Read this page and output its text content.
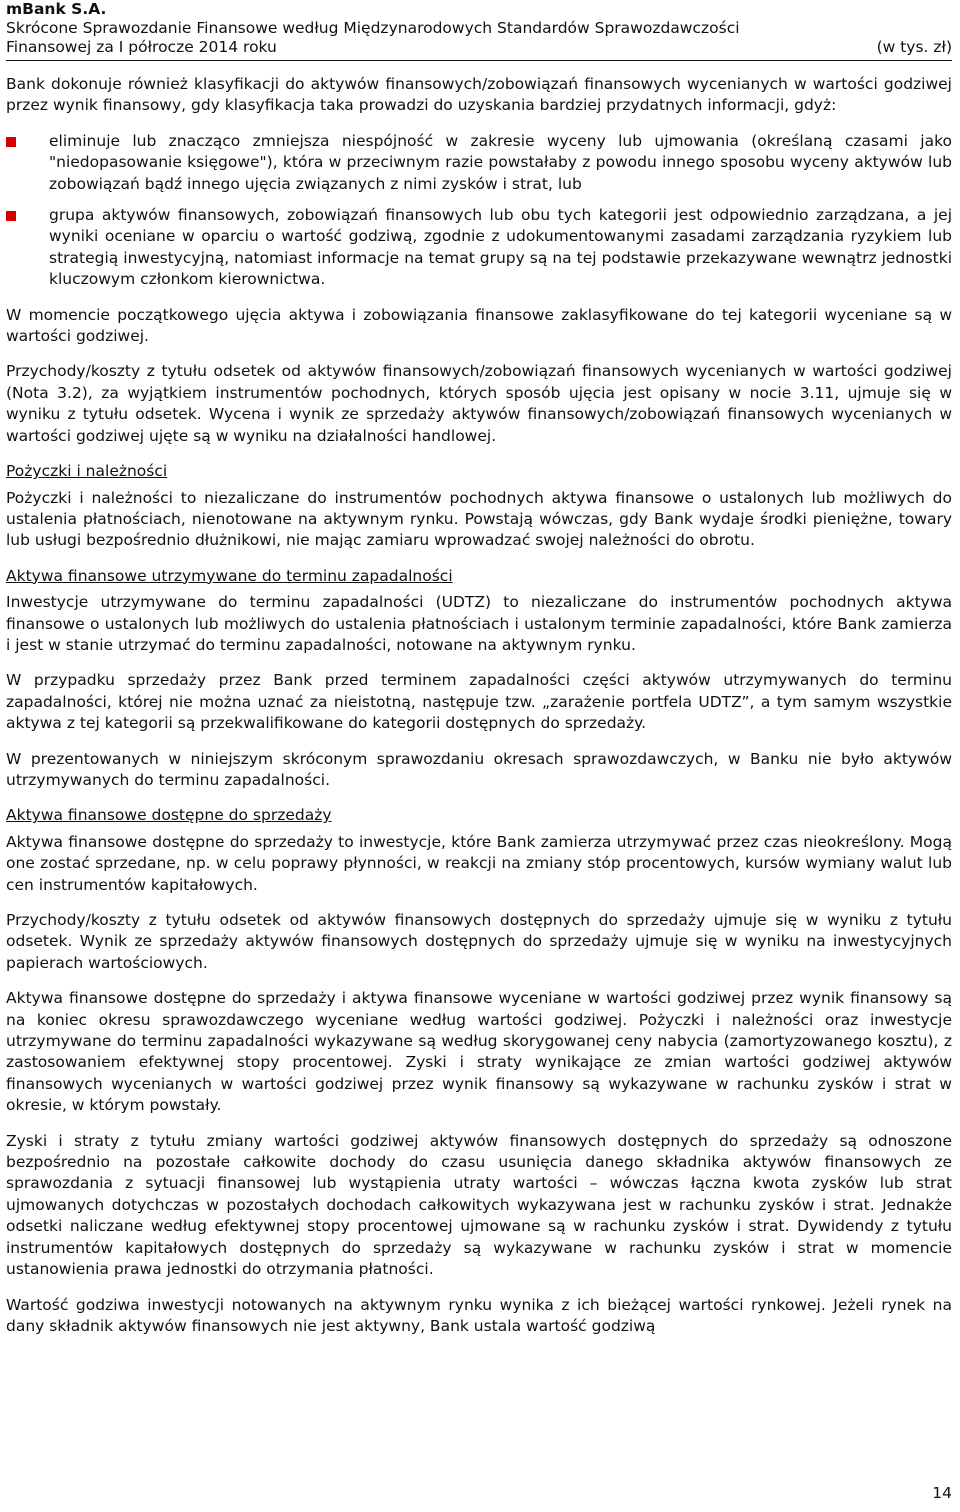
mBank S.A.
Skrócone Sprawozdanie Finansowe według Międzynarodowych Standardów Sprawozdawczości
Finansowej za I półrocze 2014 roku	(w tys. zł)

Bank dokonuje również klasyfikacji do aktywów finansowych/zobowiązań finansowych wycenianych w wartości godziwej przez wynik finansowy, gdy klasyfikacja taka prowadzi do uzyskania bardziej przydatnych informacji, gdyż:

eliminuje lub znacząco zmniejsza niespójność w zakresie wyceny lub ujmowania (określaną czasami jako "niedopasowanie księgowe"), która w przeciwnym razie powstałaby z powodu innego sposobu wyceny aktywów lub zobowiązań bądź innego ujęcia związanych z nimi zysków i strat, lub
grupa aktywów finansowych, zobowiązań finansowych lub obu tych kategorii jest odpowiednio zarządzana, a jej wyniki oceniane w oparciu o wartość godziwą, zgodnie z udokumentowanymi zasadami zarządzania ryzykiem lub strategią inwestycyjną, natomiast informacje na temat grupy są na tej podstawie przekazywane wewnątrz jednostki kluczowym członkom kierownictwa.

W momencie początkowego ujęcia aktywa i zobowiązania finansowe zaklasyfikowane do tej kategorii wyceniane są w wartości godziwej.

Przychody/koszty z tytułu odsetek od aktywów finansowych/zobowiązań finansowych wycenianych w wartości godziwej (Nota 3.2), za wyjątkiem instrumentów pochodnych, których sposób ujęcia jest opisany w nocie 3.11, ujmuje się w wyniku z tytułu odsetek. Wycena i wynik ze sprzedaży aktywów finansowych/zobowiązań finansowych wycenianych w wartości godziwej ujęte są w wyniku na działalności handlowej.

Pożyczki i należności

Pożyczki i należności to niezaliczane do instrumentów pochodnych aktywa finansowe o ustalonych lub możliwych do ustalenia płatnościach, nienotowane na aktywnym rynku. Powstają wówczas, gdy Bank wydaje środki pieniężne, towary lub usługi bezpośrednio dłużnikowi, nie mając zamiaru wprowadzać swojej należności do obrotu.

Aktywa finansowe utrzymywane do terminu zapadalności

Inwestycje utrzymywane do terminu zapadalności (UDTZ) to niezaliczane do instrumentów pochodnych aktywa finansowe o ustalonych lub możliwych do ustalenia płatnościach i ustalonym terminie zapadalności, które Bank zamierza i jest w stanie utrzymać do terminu zapadalności, notowane na aktywnym rynku.

W przypadku sprzedaży przez Bank przed terminem zapadalności części aktywów utrzymywanych do terminu zapadalności, której nie można uznać za nieistotną, następuje tzw. „zarażenie portfela UDTZ”, a tym samym wszystkie aktywa z tej kategorii są przekwalifikowane do kategorii dostępnych do sprzedaży.

W prezentowanych w niniejszym skróconym sprawozdaniu okresach sprawozdawczych, w Banku nie było aktywów utrzymywanych do terminu zapadalności.

Aktywa finansowe dostępne do sprzedaży

Aktywa finansowe dostępne do sprzedaży to inwestycje, które Bank zamierza utrzymywać przez czas nieokreślony. Mogą one zostać sprzedane, np. w celu poprawy płynności, w reakcji na zmiany stóp procentowych, kursów wymiany walut lub cen instrumentów kapitałowych.

Przychody/koszty z tytułu odsetek od aktywów finansowych dostępnych do sprzedaży ujmuje się w wyniku z tytułu odsetek. Wynik ze sprzedaży aktywów finansowych dostępnych do sprzedaży ujmuje się w wyniku na inwestycyjnych papierach wartościowych.

Aktywa finansowe dostępne do sprzedaży i aktywa finansowe wyceniane w wartości godziwej przez wynik finansowy są na koniec okresu sprawozdawczego wyceniane według wartości godziwej. Pożyczki i należności oraz inwestycje utrzymywane do terminu zapadalności wykazywane są według skorygowanej ceny nabycia (zamortyzowanego kosztu), z zastosowaniem efektywnej stopy procentowej. Zyski i straty wynikające ze zmian wartości godziwej aktywów finansowych wycenianych w wartości godziwej przez wynik finansowy są wykazywane w rachunku zysków i strat w okresie, w którym powstały.

Zyski i straty z tytułu zmiany wartości godziwej aktywów finansowych dostępnych do sprzedaży są odnoszone bezpośrednio na pozostałe całkowite dochody do czasu usunięcia danego składnika aktywów finansowych ze sprawozdania z sytuacji finansowej lub wystąpienia utraty wartości – wówczas łączna kwota zysków lub strat ujmowanych dotychczas w pozostałych dochodach całkowitych wykazywana jest w rachunku zysków i strat. Jednakże odsetki naliczane według efektywnej stopy procentowej ujmowane są w rachunku zysków i strat. Dywidendy z tytułu instrumentów kapitałowych dostępnych do sprzedaży są wykazywane w rachunku zysków i strat w momencie ustanowienia prawa jednostki do otrzymania płatności.

Wartość godziwa inwestycji notowanych na aktywnym rynku wynika z ich bieżącej wartości rynkowej. Jeżeli rynek na dany składnik aktywów finansowych nie jest aktywny, Bank ustala wartość godziwą

14
